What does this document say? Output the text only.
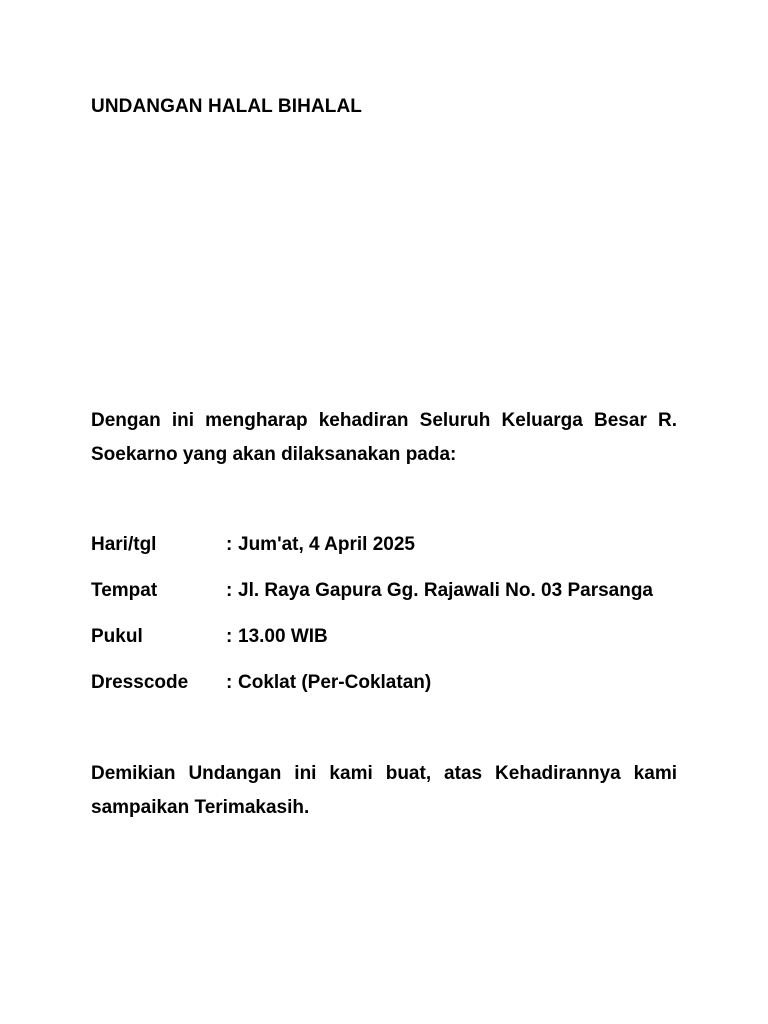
UNDANGAN HALAL BIHALAL

Dengan ini mengharap kehadiran Seluruh Keluarga Besar R. Soekarno yang akan dilaksanakan pada:

Hari/tgl	: Jum'at, 4 April 2025
Tempat	: Jl. Raya Gapura Gg. Rajawali No. 03 Parsanga
Pukul	: 13.00 WIB
Dresscode	: Coklat (Per-Coklatan)

Demikian Undangan ini kami buat, atas Kehadirannya kami sampaikan Terimakasih.
